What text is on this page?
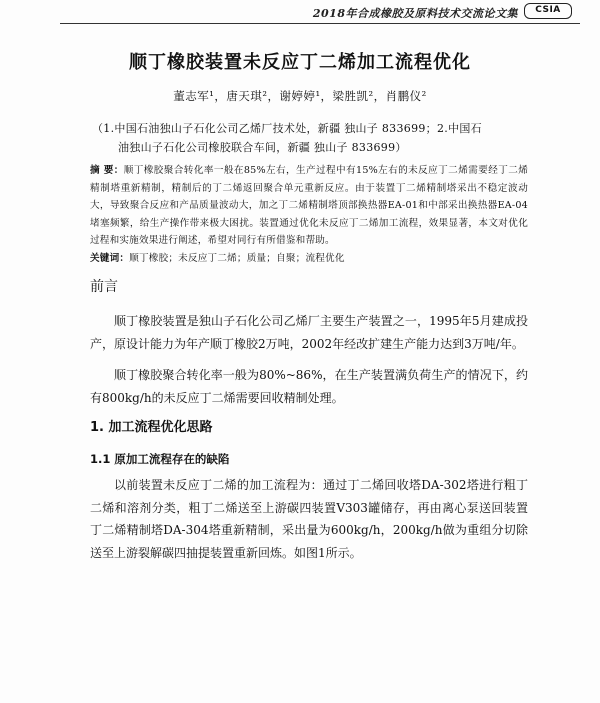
2018年合成橡胶及原料技术交流论文集	CSIA
顺丁橡胶装置未反应丁二烯加工流程优化
董志军¹，唐天琪²，谢婷婷¹，梁胜凯²，肖鹏仪²
（1.中国石油独山子石化公司乙烯厂技术处，新疆 独山子 833699；2.中国石
油独山子石化公司橡胶联合车间，新疆 独山子 833699）
摘 要：顺丁橡胶聚合转化率一般在85%左右，生产过程中有15%左右的未反应丁二烯需要经丁二烯精制塔重新精制，精制后的丁二烯返回聚合单元重新反应。由于装置丁二烯精制塔采出不稳定波动大，导致聚合反应和产品质量波动大，加之丁二烯精制塔顶部换热器EA-01和中部采出换热器EA-04堵塞频繁，给生产操作带来极大困扰。装置通过优化未反应丁二烯加工流程，效果显著，本文对优化过程和实施效果进行阐述，希望对同行有所借鉴和帮助。
关键词：顺丁橡胶；未反应丁二烯；质量；自聚；流程优化
前言

顺丁橡胶装置是独山子石化公司乙烯厂主要生产装置之一，1995年5月建成投产，原设计能力为年产顺丁橡胶2万吨，2002年经改扩建生产能力达到3万吨/年。

顺丁橡胶聚合转化率一般为80%~86%，在生产装置满负荷生产的情况下，约有800kg/h的未反应丁二烯需要回收精制处理。

1. 加工流程优化思路
1.1 原加工流程存在的缺陷

以前装置未反应丁二烯的加工流程为：通过丁二烯回收塔DA-302塔进行粗丁二烯和溶剂分类，粗丁二烯送至上游碳四装置V303罐储存，再由离心泵送回装置丁二烯精制塔DA-304塔重新精制，采出量为600kg/h，200kg/h做为重组分切除送至上游裂解碳四抽提装置重新回炼。如图1所示。
